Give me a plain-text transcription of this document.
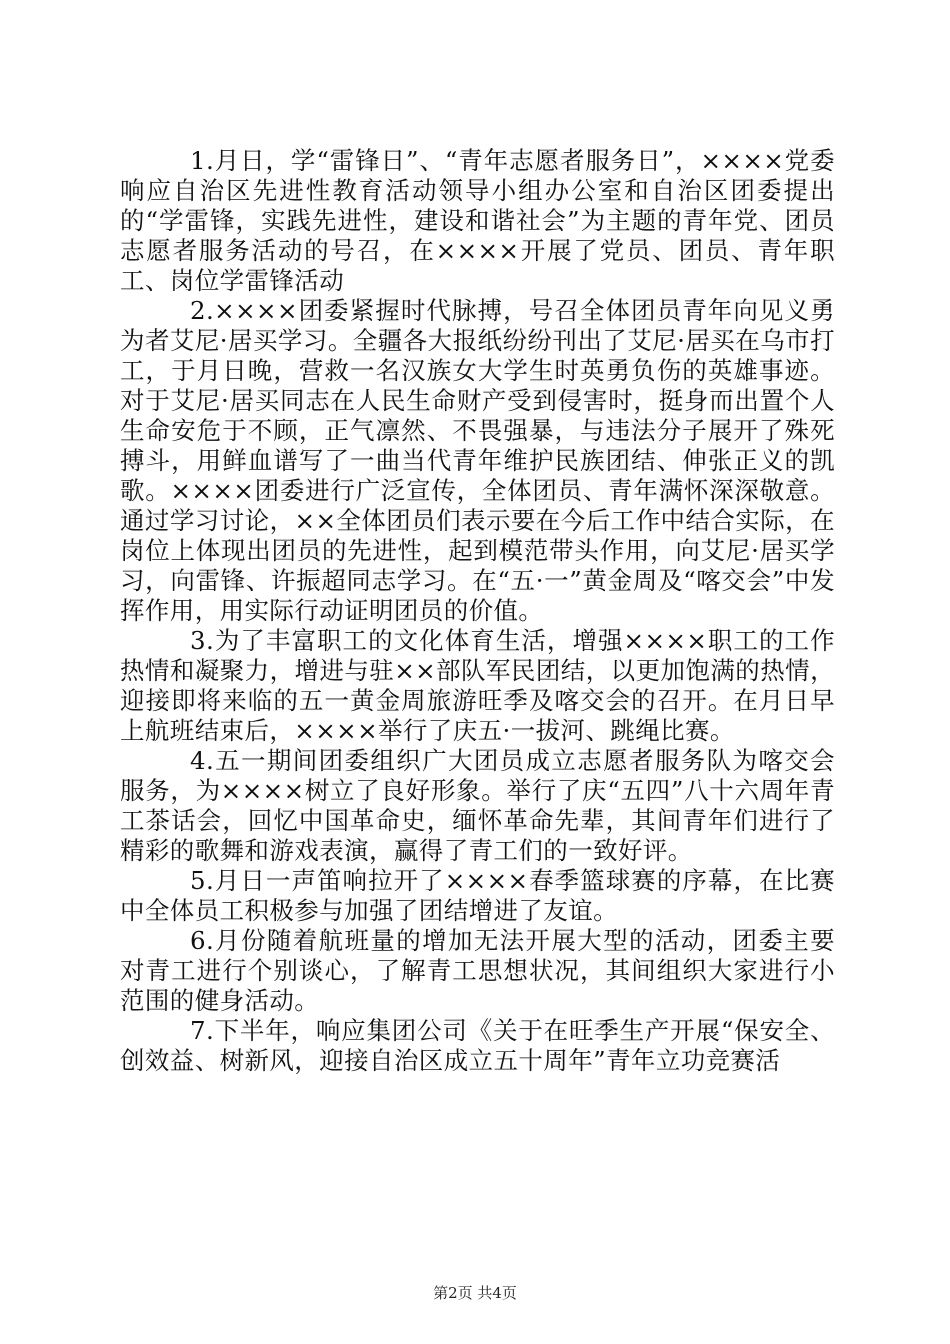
1.月日，学“雷锋日”、“青年志愿者服务日”，××××党委响应自治区先进性教育活动领导小组办公室和自治区团委提出的“学雷锋，实践先进性，建设和谐社会”为主题的青年党、团员志愿者服务活动的号召，在××××开展了党员、团员、青年职工、岗位学雷锋活动

2.××××团委紧握时代脉搏，号召全体团员青年向见义勇为者艾尼·居买学习。全疆各大报纸纷纷刊出了艾尼·居买在乌市打工，于月日晚，营救一名汉族女大学生时英勇负伤的英雄事迹。对于艾尼·居买同志在人民生命财产受到侵害时，挺身而出置个人生命安危于不顾，正气凛然、不畏强暴，与违法分子展开了殊死搏斗，用鲜血谱写了一曲当代青年维护民族团结、伸张正义的凯歌。××××团委进行广泛宣传，全体团员、青年满怀深深敬意。通过学习讨论，××全体团员们表示要在今后工作中结合实际，在岗位上体现出团员的先进性，起到模范带头作用，向艾尼·居买学习，向雷锋、许振超同志学习。在“五·一”黄金周及“喀交会”中发挥作用，用实际行动证明团员的价值。

3.为了丰富职工的文化体育生活，增强××××职工的工作热情和凝聚力，增进与驻××部队军民团结，以更加饱满的热情，迎接即将来临的五一黄金周旅游旺季及喀交会的召开。在月日早上航班结束后，××××举行了庆五·一拔河、跳绳比赛。

4.五一期间团委组织广大团员成立志愿者服务队为喀交会服务，为××××树立了良好形象。举行了庆“五四”八十六周年青工茶话会，回忆中国革命史，缅怀革命先辈，其间青年们进行了精彩的歌舞和游戏表演，赢得了青工们的一致好评。

5.月日一声笛响拉开了××××春季篮球赛的序幕，在比赛中全体员工积极参与加强了团结增进了友谊。

6.月份随着航班量的增加无法开展大型的活动，团委主要对青工进行个别谈心，了解青工思想状况，其间组织大家进行小范围的健身活动。

7.下半年，响应集团公司《关于在旺季生产开展“保安全、创效益、树新风，迎接自治区成立五十周年”青年立功竞赛活

第2页 共4页
